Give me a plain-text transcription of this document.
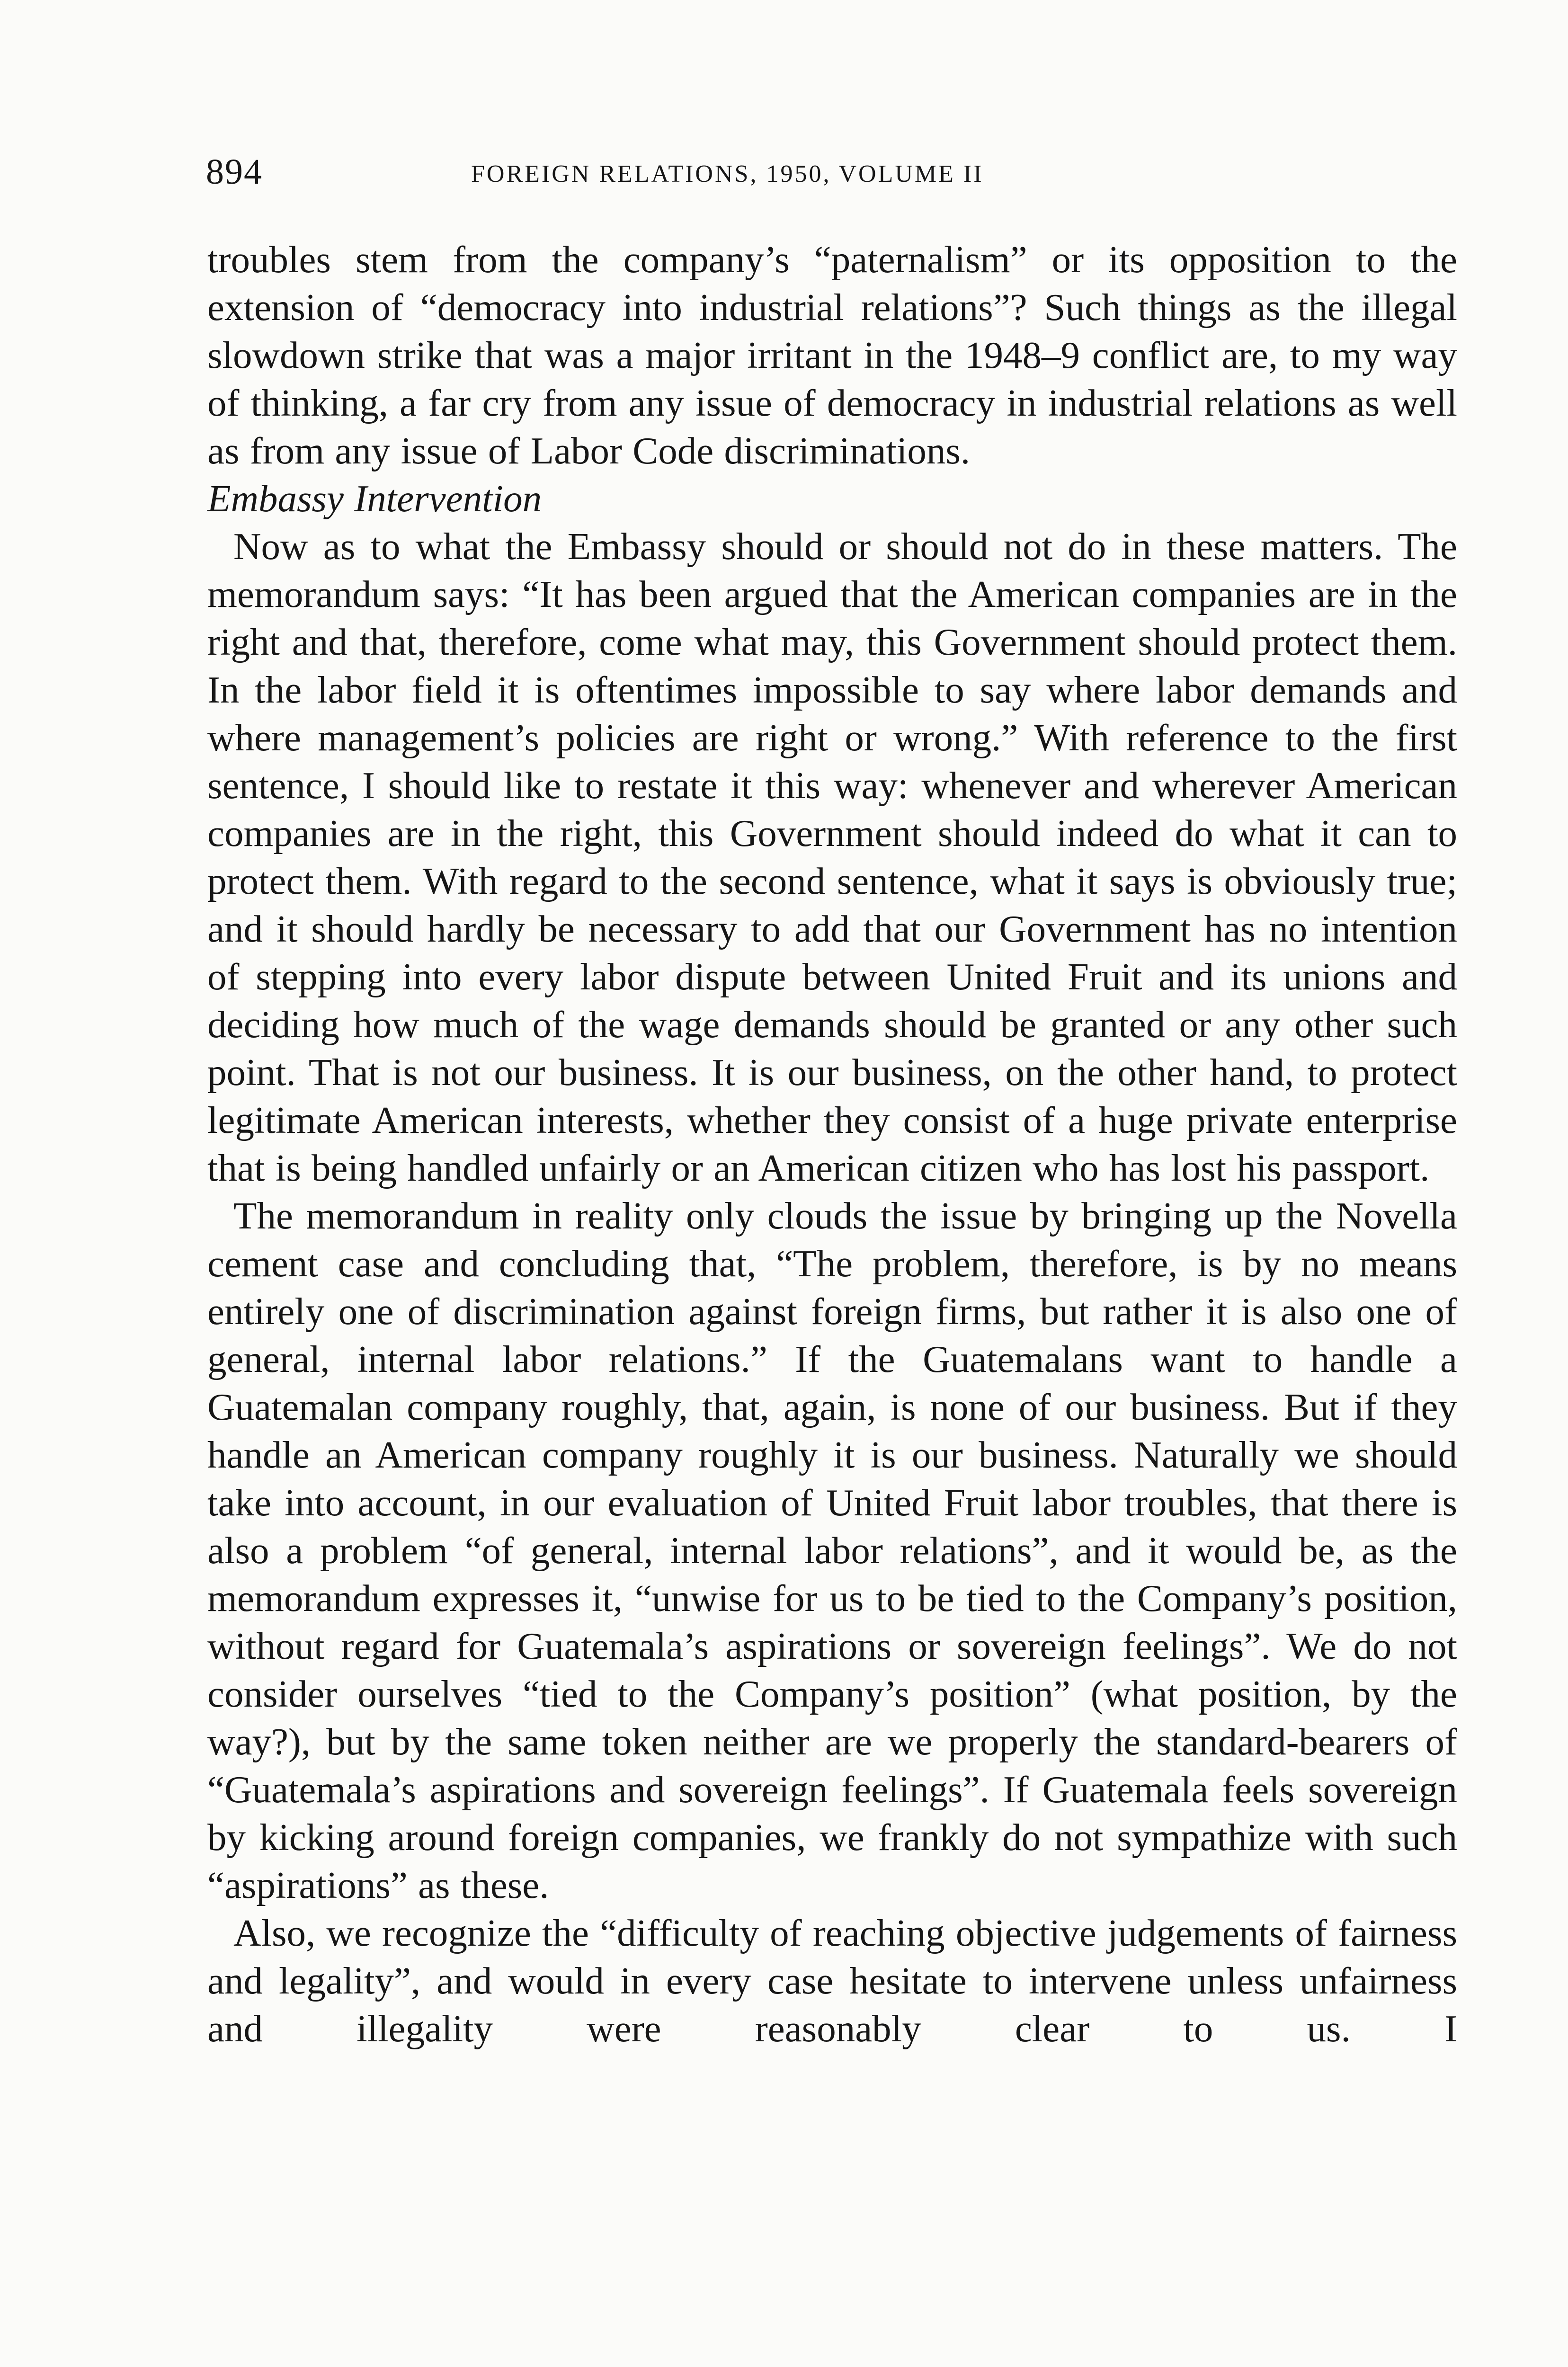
894	FOREIGN RELATIONS, 1950, VOLUME II

troubles stem from the company’s “paternalism” or its opposition to the extension of “democracy into industrial relations”? Such things as the illegal slowdown strike that was a major irritant in the 1948–9 conflict are, to my way of thinking, a far cry from any issue of democracy in industrial relations as well as from any issue of Labor Code discriminations.

Embassy Intervention

Now as to what the Embassy should or should not do in these matters. The memorandum says: “It has been argued that the American companies are in the right and that, therefore, come what may, this Government should protect them. In the labor field it is oftentimes impossible to say where labor demands and where management’s policies are right or wrong.” With reference to the first sentence, I should like to restate it this way: whenever and wherever American companies are in the right, this Government should indeed do what it can to protect them. With regard to the second sentence, what it says is obviously true; and it should hardly be necessary to add that our Government has no intention of stepping into every labor dispute between United Fruit and its unions and deciding how much of the wage demands should be granted or any other such point. That is not our business. It is our business, on the other hand, to protect legitimate American interests, whether they consist of a huge private enterprise that is being handled unfairly or an American citizen who has lost his passport.

The memorandum in reality only clouds the issue by bringing up the Novella cement case and concluding that, “The problem, therefore, is by no means entirely one of discrimination against foreign firms, but rather it is also one of general, internal labor relations.” If the Guatemalans want to handle a Guatemalan company roughly, that, again, is none of our business. But if they handle an American company roughly it is our business. Naturally we should take into account, in our evaluation of United Fruit labor troubles, that there is also a problem “of general, internal labor relations”, and it would be, as the memorandum expresses it, “unwise for us to be tied to the Company’s position, without regard for Guatemala’s aspirations or sovereign feelings”. We do not consider ourselves “tied to the Company’s position” (what position, by the way?), but by the same token neither are we properly the standard-bearers of “Guatemala’s aspirations and sovereign feelings”. If Guatemala feels sovereign by kicking around foreign companies, we frankly do not sympathize with such “aspirations” as these.

Also, we recognize the “difficulty of reaching objective judgements of fairness and legality”, and would in every case hesitate to intervene unless unfairness and illegality were reasonably clear to us. I
